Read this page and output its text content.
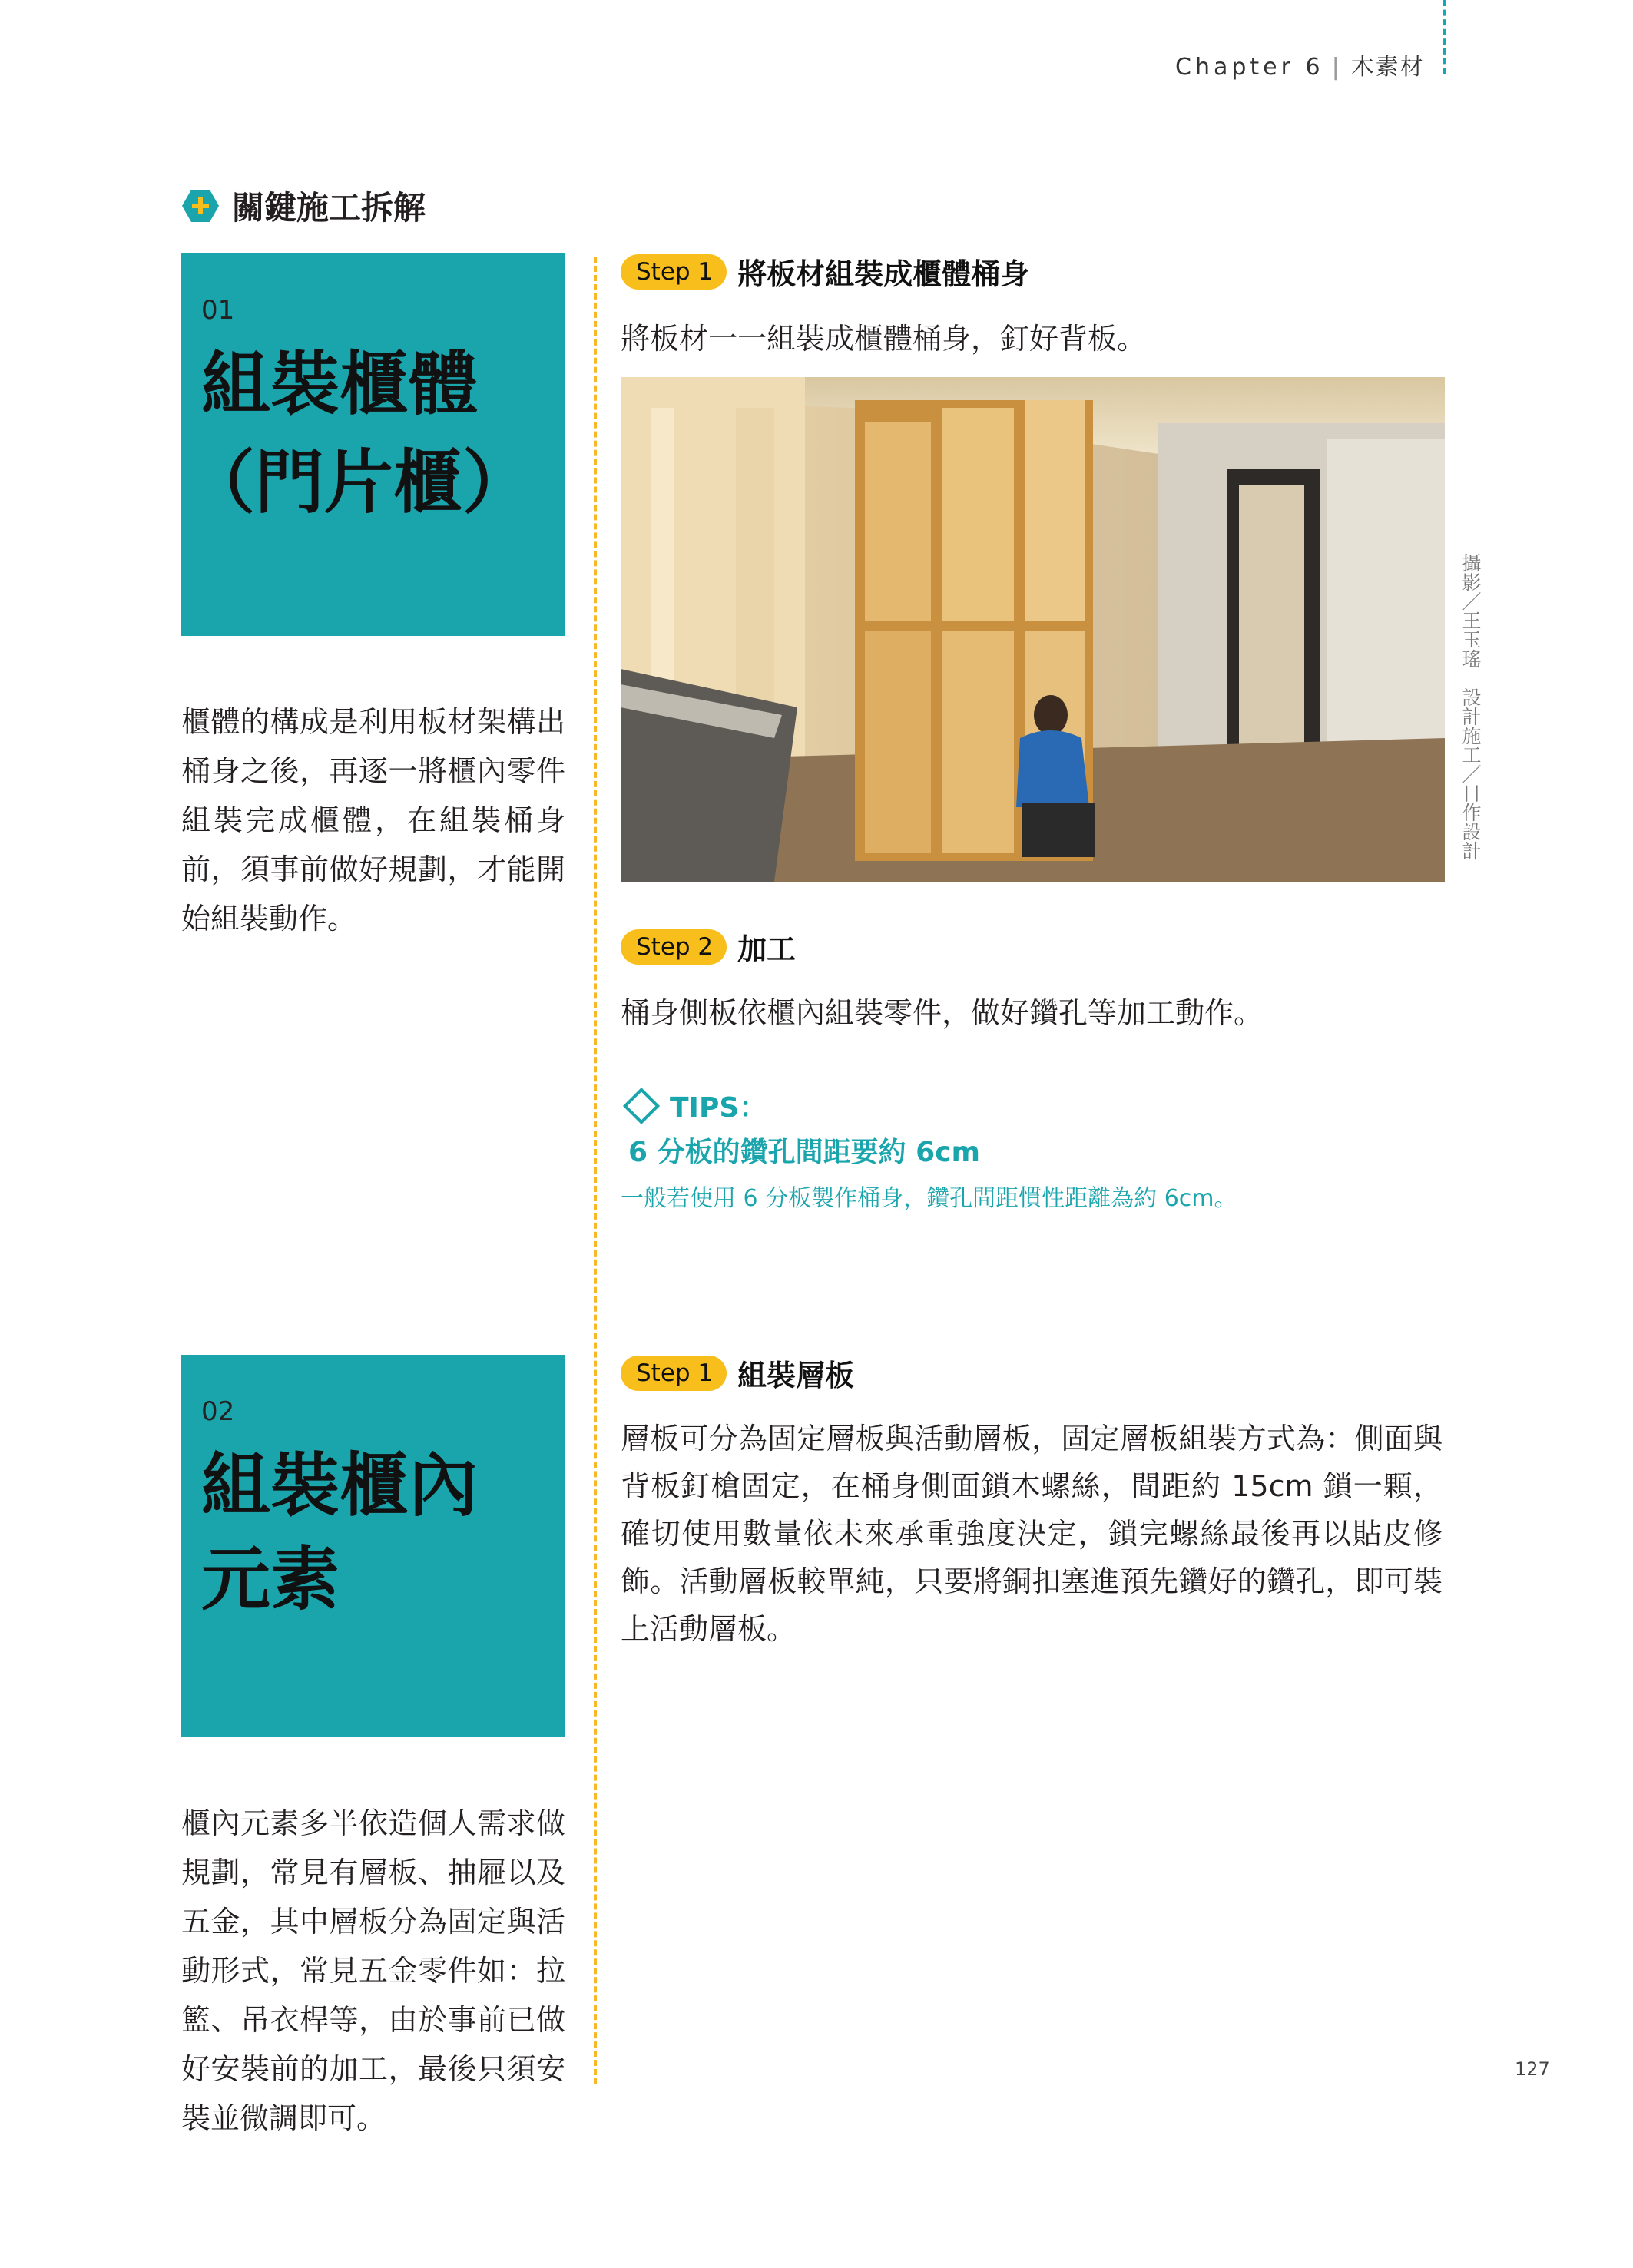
Chapter 6 | 木素材
關鍵施工拆解
01
組裝櫃體
（門片櫃）
櫃體的構成是利用板材架構出桶身之後，再逐一將櫃內零件組裝完成櫃體，在組裝桶身前，須事前做好規劃，才能開始組裝動作。
02
組裝櫃內
元素
櫃內元素多半依造個人需求做規劃，常見有層板、抽屜以及五金，其中層板分為固定與活動形式，常見五金零件如：拉籃、吊衣桿等，由於事前已做好安裝前的加工，最後只須安裝並微調即可。
Step 1 將板材組裝成櫃體桶身
將板材一一組裝成櫃體桶身，釘好背板。
攝影／王玉瑤　設計施工／日作設計
Step 2 加工
桶身側板依櫃內組裝零件，做好鑽孔等加工動作。
TIPS：
6 分板的鑽孔間距要約 6cm
一般若使用 6 分板製作桶身，鑽孔間距慣性距離為約 6cm。
Step 1 組裝層板
層板可分為固定層板與活動層板，固定層板組裝方式為：側面與背板釘槍固定，在桶身側面鎖木螺絲，間距約 15cm 鎖一顆，確切使用數量依未來承重強度決定，鎖完螺絲最後再以貼皮修飾。活動層板較單純，只要將銅扣塞進預先鑽好的鑽孔，即可裝上活動層板。
127
